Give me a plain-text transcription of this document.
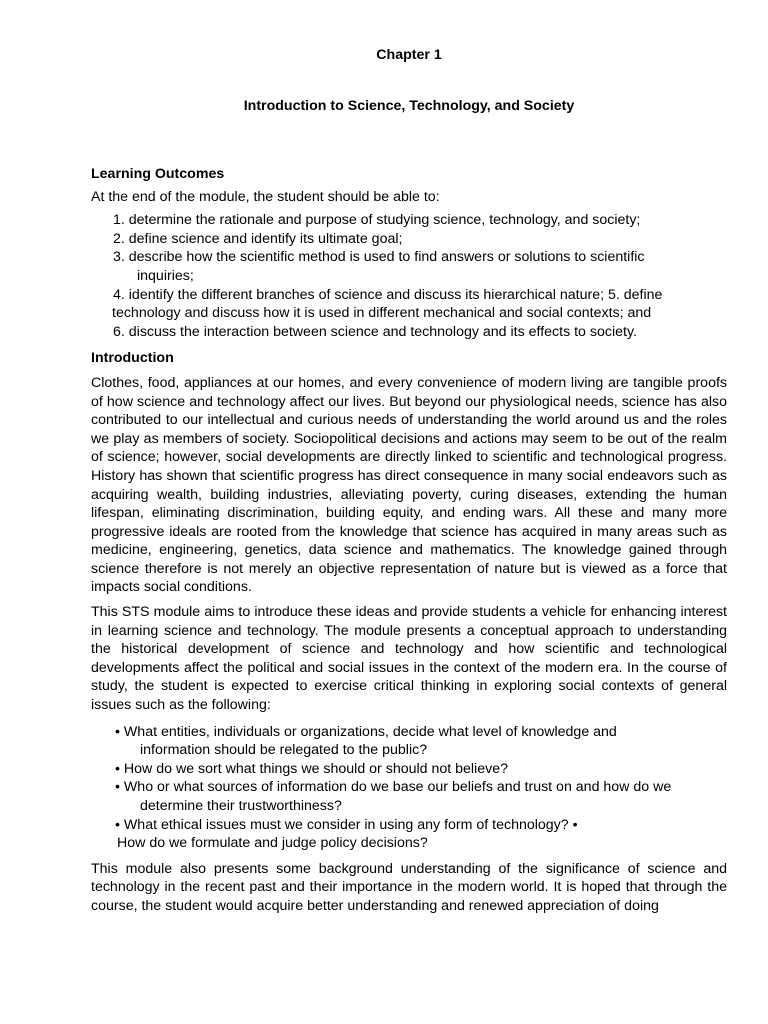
Chapter 1
Introduction to Science, Technology, and Society
Learning Outcomes

At the end of the module, the student should be able to:

1. determine the rationale and purpose of studying science, technology, and society;
2. define science and identify its ultimate goal;
3. describe how the scientific method is used to find answers or solutions to scientific
inquiries;
4. identify the different branches of science and discuss its hierarchical nature; 5. define
technology and discuss how it is used in different mechanical and social contexts; and
6. discuss the interaction between science and technology and its effects to society.
Introduction

Clothes, food, appliances at our homes, and every convenience of modern living are tangible proofs of how science and technology affect our lives. But beyond our physiological needs, science has also contributed to our intellectual and curious needs of understanding the world around us and the roles we play as members of society. Sociopolitical decisions and actions may seem to be out of the realm of science; however, social developments are directly linked to scientific and technological progress. History has shown that scientific progress has direct consequence in many social endeavors such as acquiring wealth, building industries, alleviating poverty, curing diseases, extending the human lifespan, eliminating discrimination, building equity, and ending wars. All these and many more progressive ideals are rooted from the knowledge that science has acquired in many areas such as medicine, engineering, genetics, data science and mathematics. The knowledge gained through science therefore is not merely an objective representation of nature but is viewed as a force that impacts social conditions.

This STS module aims to introduce these ideas and provide students a vehicle for enhancing interest in learning science and technology. The module presents a conceptual approach to understanding the historical development of science and technology and how scientific and technological developments affect the political and social issues in the context of the modern era. In the course of study, the student is expected to exercise critical thinking in exploring social contexts of general issues such as the following:

• What entities, individuals or organizations, decide what level of knowledge and
information should be relegated to the public?
• How do we sort what things we should or should not believe?
• Who or what sources of information do we base our beliefs and trust on and how do we
determine their trustworthiness?
• What ethical issues must we consider in using any form of technology? •
How do we formulate and judge policy decisions?

This module also presents some background understanding of the significance of science and technology in the recent past and their importance in the modern world. It is hoped that through the course, the student would acquire better understanding and renewed appreciation of doing
